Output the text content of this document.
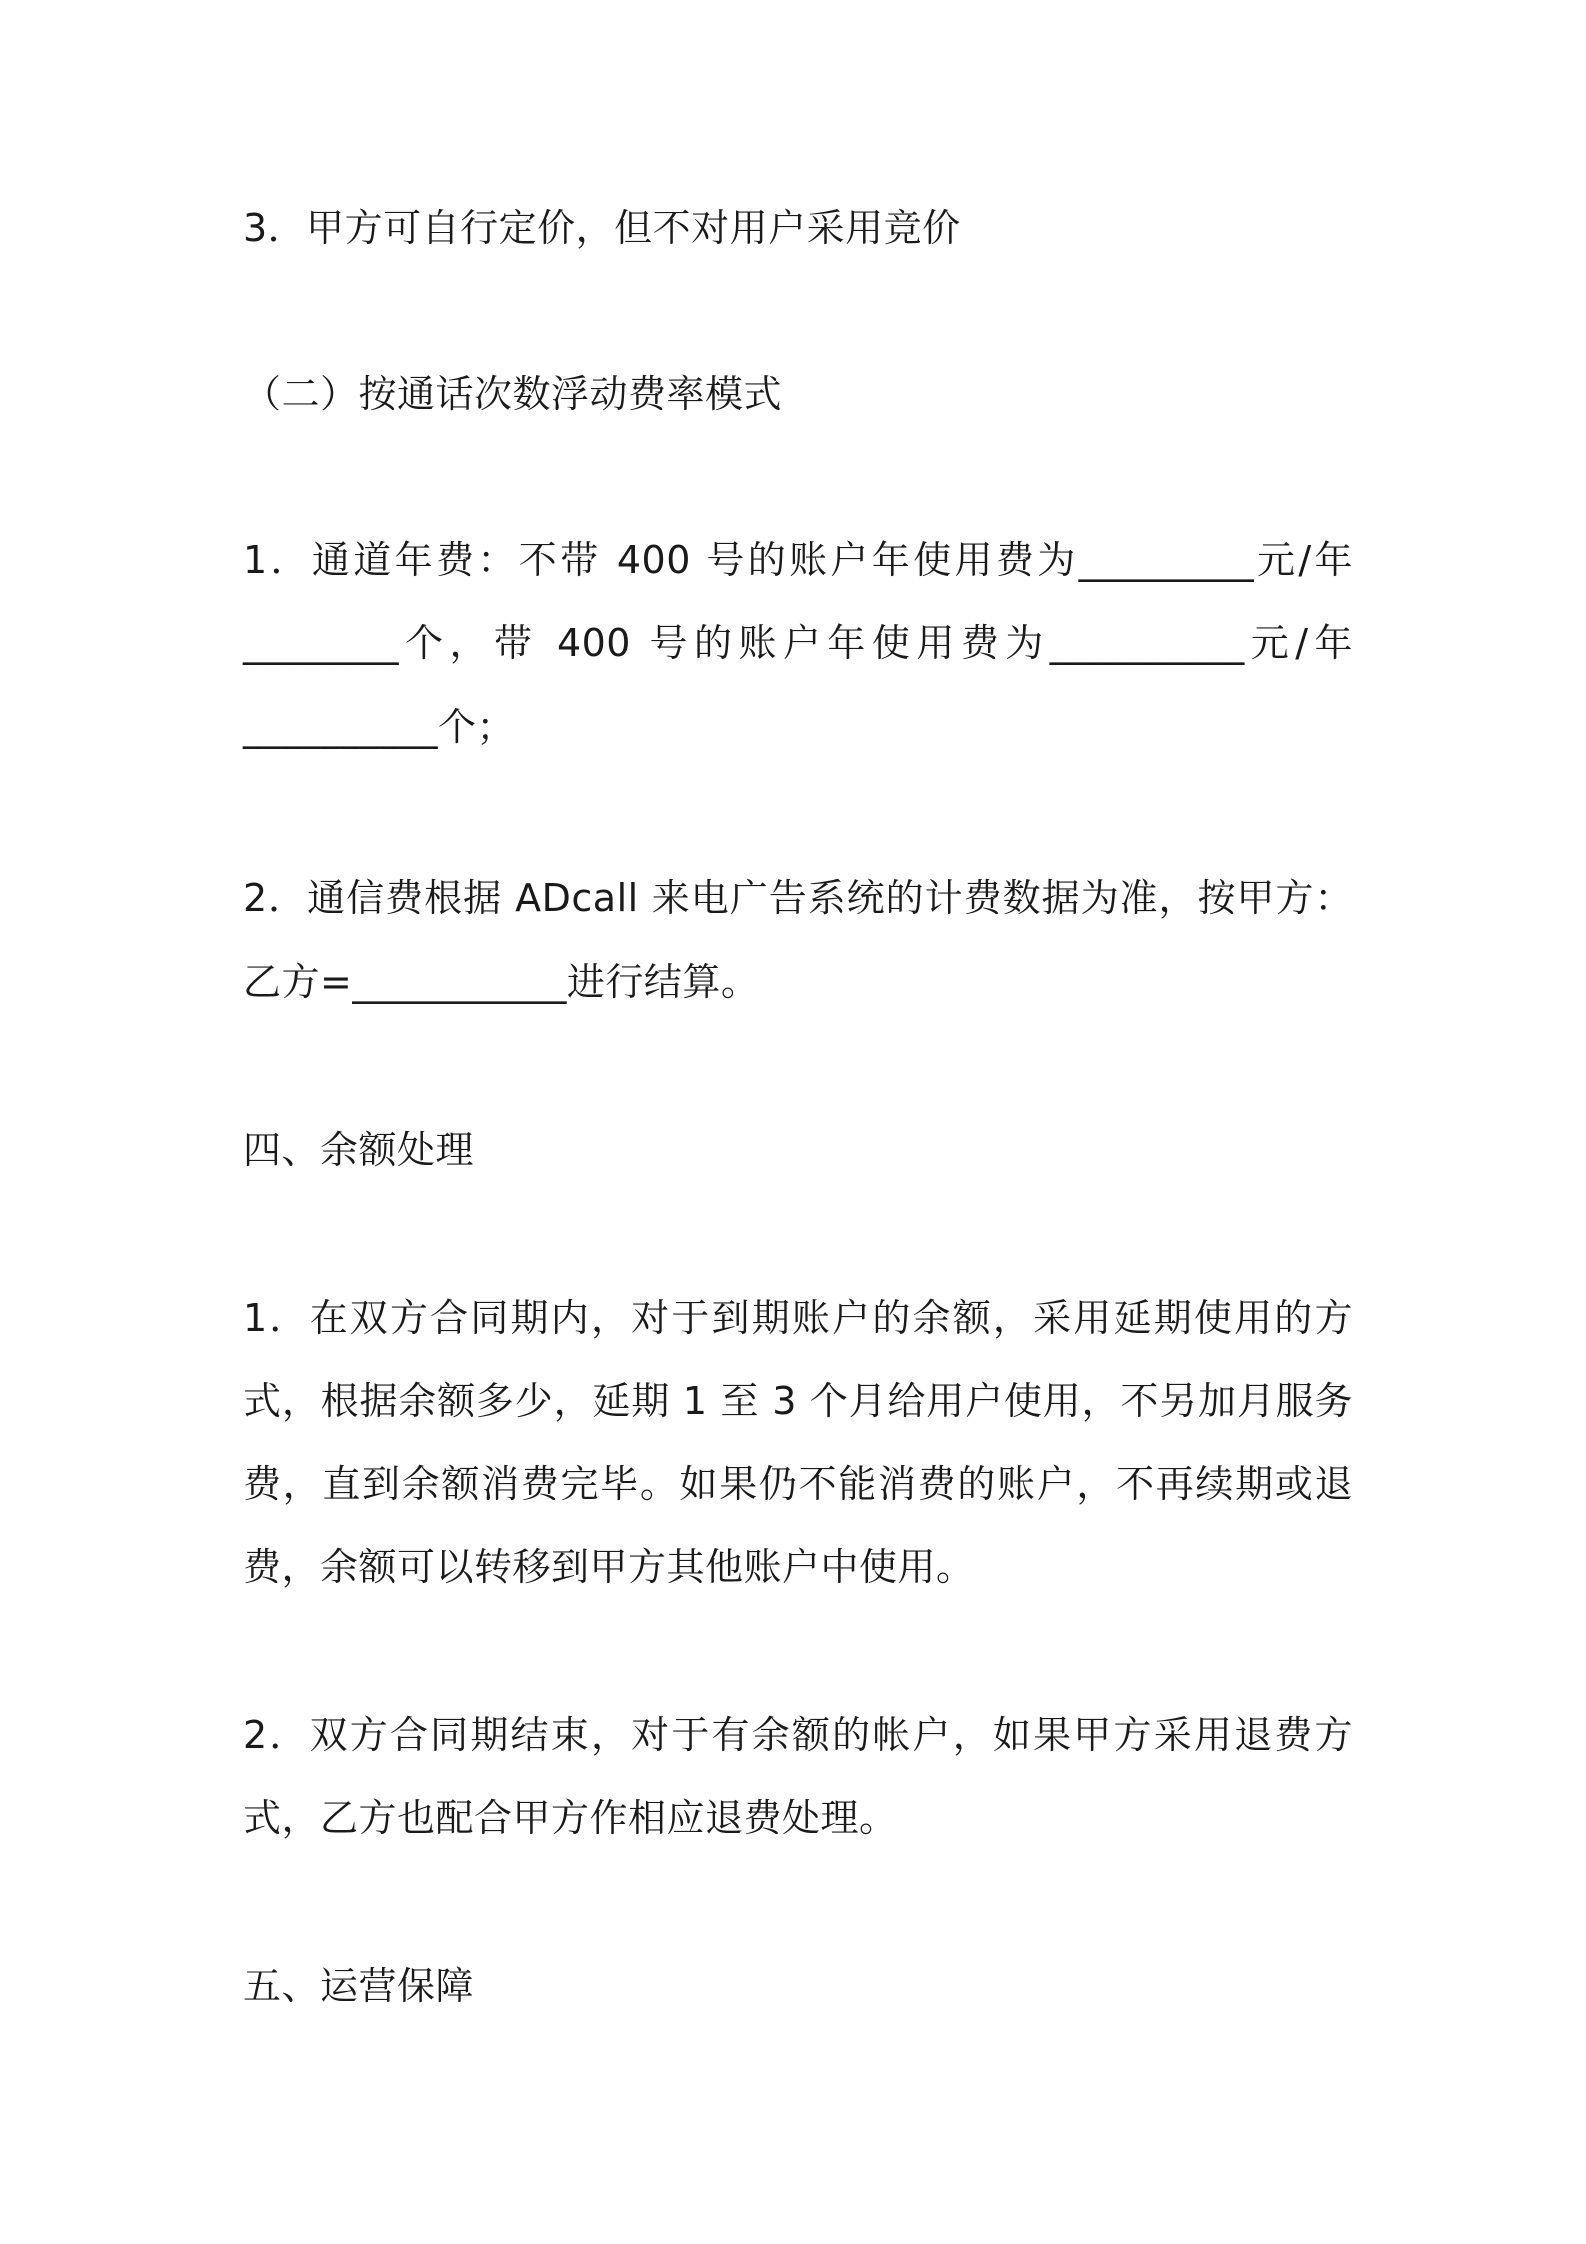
3．甲方可自行定价，但不对用户采用竞价
（二）按通话次数浮动费率模式
1．通道年费：不带 400 号的账户年使用费为_________元/年
________个，带 400 号的账户年使用费为__________元/年
__________个；
2．通信费根据 ADcall 来电广告系统的计费数据为准，按甲方：
乙方=___________进行结算。
四、余额处理
1．在双方合同期内，对于到期账户的余额，采用延期使用的方
式，根据余额多少，延期 1 至 3 个月给用户使用，不另加月服务
费，直到余额消费完毕。如果仍不能消费的账户，不再续期或退
费，余额可以转移到甲方其他账户中使用。
2．双方合同期结束，对于有余额的帐户，如果甲方采用退费方
式，乙方也配合甲方作相应退费处理。
五、运营保障
